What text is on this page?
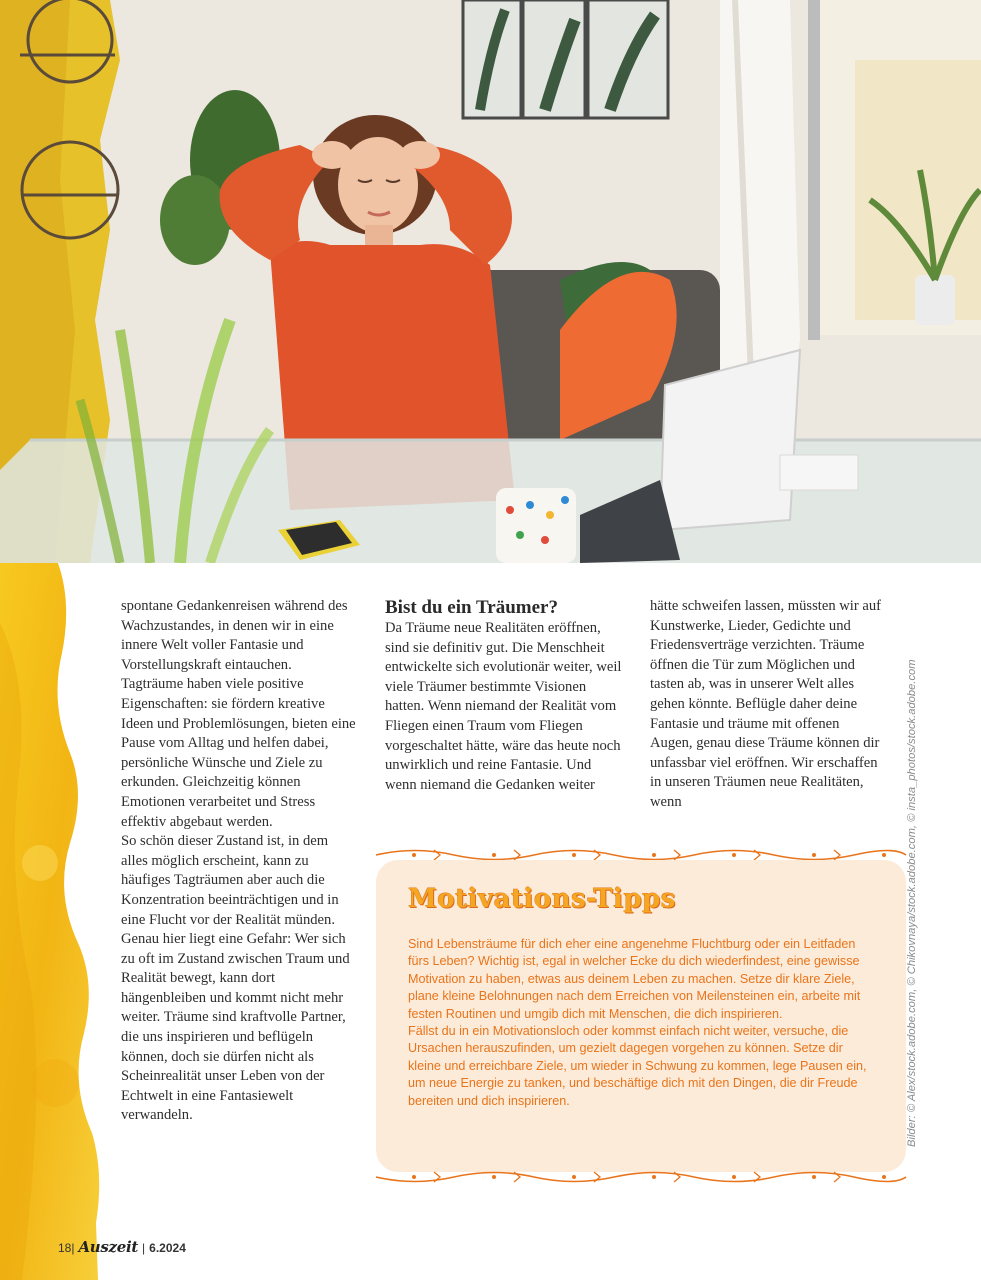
spontane Gedankenreisen während des Wachzustandes, in denen wir in eine innere Welt voller Fantasie und Vorstellungskraft eintauchen. Tagträume haben viele positive Eigenschaften: sie fördern kreative Ideen und Problemlösungen, bieten eine Pause vom Alltag und helfen dabei, persönliche Wünsche und Ziele zu erkunden. Gleichzeitig können Emotionen verarbeitet und Stress effektiv abgebaut werden.

So schön dieser Zustand ist, in dem alles möglich erscheint, kann zu häufiges Tagträumen aber auch die Konzentration beeinträchtigen und in eine Flucht vor der Realität münden.

Genau hier liegt eine Gefahr: Wer sich zu oft im Zustand zwischen Traum und Realität bewegt, kann dort hängenbleiben und kommt nicht mehr weiter. Träume sind kraftvolle Partner, die uns inspirieren und beflügeln können, doch sie dürfen nicht als Scheinrealität unser Leben von der Echtwelt in eine Fantasiewelt verwandeln.

Bist du ein Träumer?

Da Träume neue Realitäten eröffnen, sind sie definitiv gut. Die Menschheit entwickelte sich evolutionär weiter, weil viele Träumer bestimmte Visionen hatten. Wenn niemand der Realität vom Fliegen einen Traum vom Fliegen vorgeschaltet hätte, wäre das heute noch unwirklich und reine Fantasie. Und wenn niemand die Gedanken weiter

hätte schweifen lassen, müssten wir auf Kunstwerke, Lieder, Gedichte und Friedensverträge verzichten. Träume öffnen die Tür zum Möglichen und tasten ab, was in unserer Welt alles gehen könnte. Beflügle daher deine Fantasie und träume mit offenen Augen, genau diese Träume können dir unfassbar viel eröffnen. Wir erschaffen in unseren Träumen neue Realitäten, wenn

Motivations-Tipps

Sind Lebensträume für dich eher eine angenehme Fluchtburg oder ein Leitfaden fürs Leben? Wichtig ist, egal in welcher Ecke du dich wiederfindest, eine gewisse Motivation zu haben, etwas aus deinem Leben zu machen. Setze dir klare Ziele, plane kleine Belohnungen nach dem Erreichen von Meilensteinen ein, arbeite mit festen Routinen und umgib dich mit Menschen, die dich inspirieren.

Fällst du in ein Motivationsloch oder kommst einfach nicht weiter, versuche, die Ursachen herauszufinden, um gezielt dagegen vorgehen zu können. Setze dir kleine und erreichbare Ziele, um wieder in Schwung zu kommen, lege Pausen ein, um neue Energie zu tanken, und beschäftige dich mit den Dingen, die dir Freude bereiten und dich inspirieren.	Bilder: © Alex/stock.adobe.com, © Chikovnaya/stock.adobe.com, © insta_photos/stock.adobe.com
18| Auszeit | 6.2024
